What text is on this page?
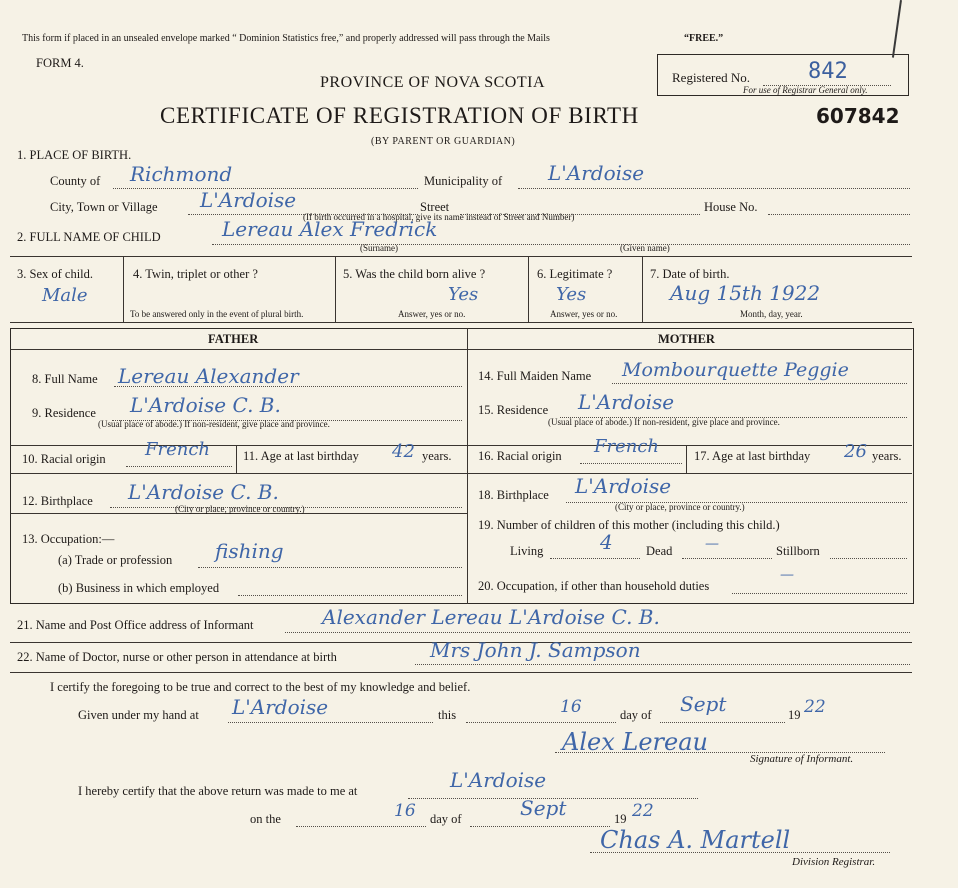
This form if placed in an unsealed envelope marked “ Dominion Statistics free,” and properly addressed will pass through the Mails	“FREE.”
FORM 4.
PROVINCE OF NOVA SCOTIA	Registered No.	842
For use of Registrar General only.
CERTIFICATE OF REGISTRATION OF BIRTH	607842
(BY PARENT OR GUARDIAN)
1. PLACE OF BIRTH.
County of Richmond	Municipality of L'Ardoise
City, Town or Village L'Ardoise	Street	House No.
(If birth occurred in a hospital, give its name instead of Street and Number)
2. FULL NAME OF CHILD	Lereau Alex Fredrick
(Surname)	(Given name)
3. Sex of child.
Male
4. Twin, triplet or other ?
To be answered only in the event of plural birth.
5. Was the child born alive ?
Yes
Answer, yes or no.
6. Legitimate ?
Yes
Answer, yes or no.
7. Date of birth.
Aug 15th 1922
Month, day, year.
FATHER	MOTHER
8. Full Name Lereau Alexander
9. Residence L'Ardoise C. B.
(Usual place of abode.) If non-resident, give place and province.
10. Racial origin French	11. Age at last birthday 42 years.
12. Birthplace L'Ardoise C. B.
(City or place, province or country.)
13. Occupation:—
(a) Trade or profession fishing
(b) Business in which employed
14. Full Maiden Name Mombourquette Peggie
15. Residence L'Ardoise
(Usual place of abode.) If non-resident, give place and province.
16. Racial origin French	17. Age at last birthday 26 years.
18. Birthplace L'Ardoise
(City or place, province or country.)
19. Number of children of this mother (including this child.)
Living	4	Dead —	Stillborn
20. Occupation, if other than household duties
—
21. Name and Post Office address of Informant	Alexander Lereau L'Ardoise C. B.
22. Name of Doctor, nurse or other person in attendance at birth	Mrs John J. Sampson
I certify the foregoing to be true and correct to the best of my knowledge and belief.
Given under my hand at L'Ardoise	this	16	day of Sept	19 22
Alex Lereau
Signature of Informant.
I hereby certify that the above return was made to me at	L'Ardoise
on the	16 day of	Sept	19 22
Chas A. Martell
Division Registrar.
